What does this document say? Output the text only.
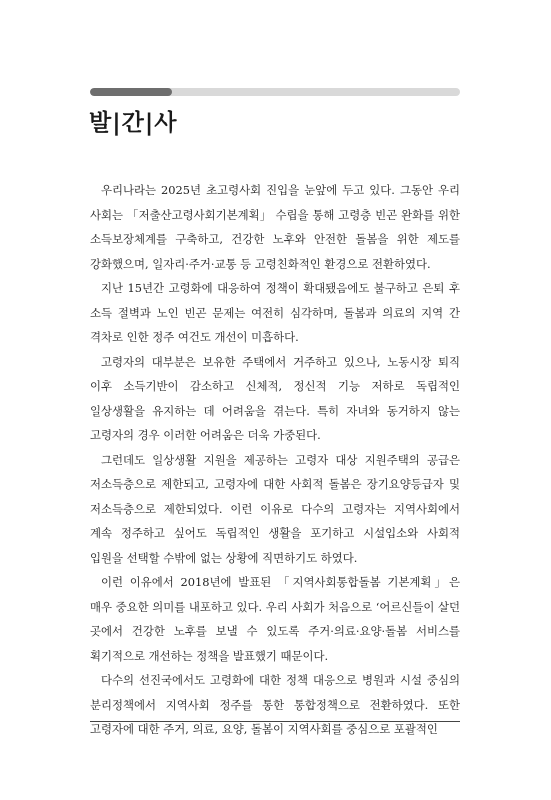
발|간|사

우리나라는 2025년 초고령사회 진입을 눈앞에 두고 있다. 그동안 우리 사회는 「저출산고령사회기본계획」 수립을 통해 고령층 빈곤 완화를 위한 소득보장체계를 구축하고, 건강한 노후와 안전한 돌봄을 위한 제도를 강화했으며, 일자리·주거·교통 등 고령친화적인 환경으로 전환하였다.

지난 15년간 고령화에 대응하여 정책이 확대됐음에도 불구하고 은퇴 후 소득 절벽과 노인 빈곤 문제는 여전히 심각하며, 돌봄과 의료의 지역 간 격차로 인한 정주 여건도 개선이 미흡하다.

고령자의 대부분은 보유한 주택에서 거주하고 있으나, 노동시장 퇴직 이후 소득기반이 감소하고 신체적, 정신적 기능 저하로 독립적인 일상생활을 유지하는 데 어려움을 겪는다. 특히 자녀와 동거하지 않는 고령자의 경우 이러한 어려움은 더욱 가중된다.

그런데도 일상생활 지원을 제공하는 고령자 대상 지원주택의 공급은 저소득층으로 제한되고, 고령자에 대한 사회적 돌봄은 장기요양등급자 및 저소득층으로 제한되었다. 이런 이유로 다수의 고령자는 지역사회에서 계속 정주하고 싶어도 독립적인 생활을 포기하고 시설입소와 사회적 입원을 선택할 수밖에 없는 상황에 직면하기도 하였다.

이런 이유에서 2018년에 발표된 「지역사회통합돌봄 기본계획」은 매우 중요한 의미를 내포하고 있다. 우리 사회가 처음으로 ‘어르신들이 살던 곳에서 건강한 노후를 보낼 수 있도록 주거·의료·요양·돌봄 서비스를 획기적으로 개선하는 정책을 발표했기 때문이다.

다수의 선진국에서도 고령화에 대한 정책 대응으로 병원과 시설 중심의 분리정책에서 지역사회 정주를 통한 통합정책으로 전환하였다. 또한 고령자에 대한 주거, 의료, 요양, 돌봄이 지역사회를 중심으로 포괄적인
